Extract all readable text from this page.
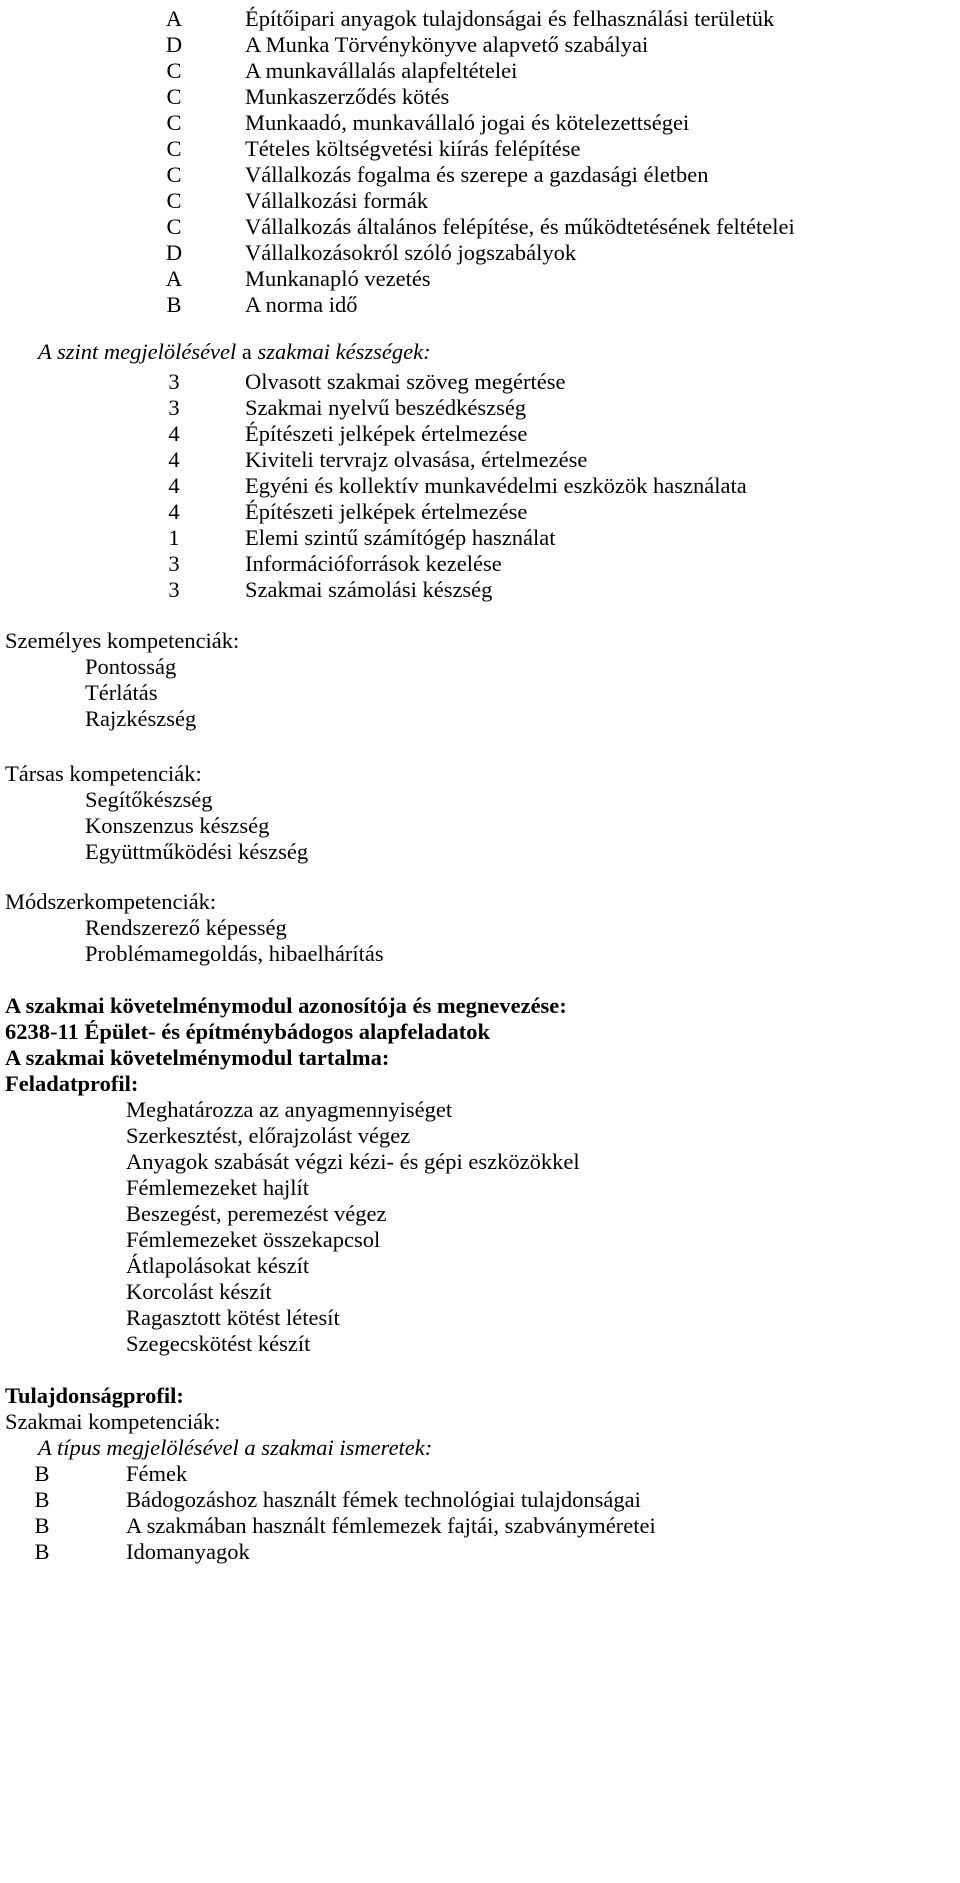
A	Építőipari anyagok tulajdonságai és felhasználási területük
D	A Munka Törvénykönyve alapvető szabályai
C	A munkavállalás alapfeltételei
C	Munkaszerződés kötés
C	Munkaadó, munkavállaló jogai és kötelezettségei
C	Tételes költségvetési kiírás felépítése
C	Vállalkozás fogalma és szerepe a gazdasági életben
C	Vállalkozási formák
C	Vállalkozás általános felépítése, és működtetésének feltételei
D	Vállalkozásokról szóló jogszabályok
A	Munkanapló vezetés
B	A norma idő
A szint megjelölésével a szakmai készségek:
3	Olvasott szakmai szöveg megértése
3	Szakmai nyelvű beszédkészség
4	Építészeti jelképek értelmezése
4	Kiviteli tervrajz olvasása, értelmezése
4	Egyéni és kollektív munkavédelmi eszközök használata
4	Építészeti jelképek értelmezése
1	Elemi szintű számítógép használat
3	Információforrások kezelése
3	Szakmai számolási készség
Személyes kompetenciák:
Pontosság
Térlátás
Rajzkészség
Társas kompetenciák:
Segítőkészség
Konszenzus készség
Együttműködési készség
Módszerkompetenciák:
Rendszerező képesség
Problémamegoldás, hibaelhárítás
A szakmai követelménymodul azonosítója és megnevezése:
6238-11 Épület- és építménybádogos alapfeladatok
A szakmai követelménymodul tartalma:
Feladatprofil:
Meghatározza az anyagmennyiséget
Szerkesztést, előrajzolást végez
Anyagok szabását végzi kézi- és gépi eszközökkel
Fémlemezeket hajlít
Beszegést, peremezést végez
Fémlemezeket összekapcsol
Átlapolásokat készít
Korcolást készít
Ragasztott kötést létesít
Szegecskötést készít
Tulajdonságprofil:
Szakmai kompetenciák:
A típus megjelölésével a szakmai ismeretek:
B	Fémek
B	Bádogozáshoz használt fémek technológiai tulajdonságai
B	A szakmában használt fémlemezek fajtái, szabványméretei
B	Idomanyagok
